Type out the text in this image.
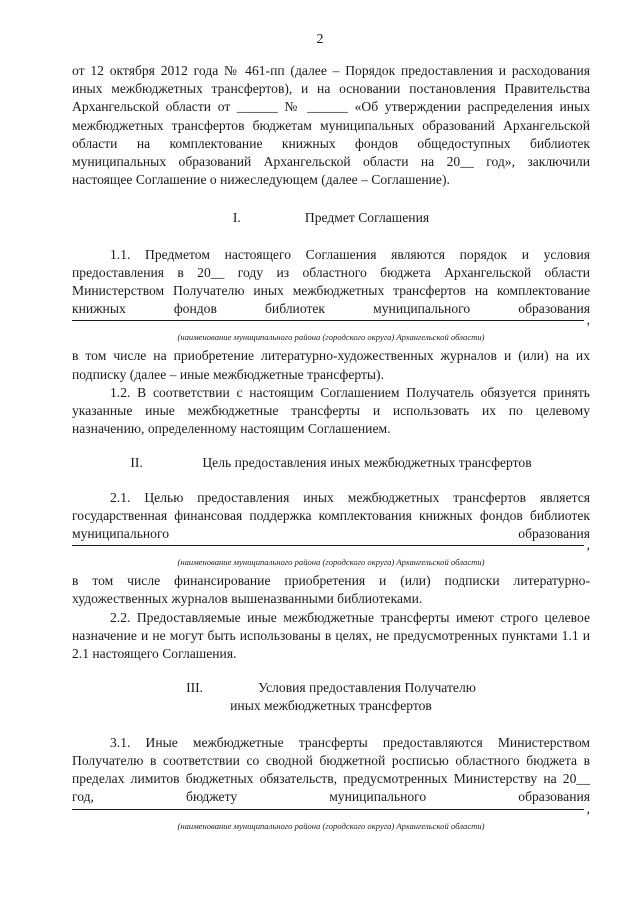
2

от 12 октября 2012 года № 461-пп (далее – Порядок предоставления и расходования иных межбюджетных трансфертов), и на основании постановления Правительства Архангельской области от ______ № ______ «Об утверждении распределения иных межбюджетных трансфертов бюджетам муниципальных образований Архангельской области на комплектование книжных фондов общедоступных библиотек муниципальных образований Архангельской области на 20__ год», заключили настоящее Соглашение о нижеследующем (далее – Соглашение).

I.	Предмет Соглашения

1.1. Предметом настоящего Соглашения являются порядок и условия предоставления в 20__ году из областного бюджета Архангельской области Министерством Получателю иных межбюджетных трансфертов на комплектование книжных фондов библиотек муниципального образования

,
(наименование муниципального района (городского округа) Архангельской области)

в том числе на приобретение литературно-художественных журналов и (или) на их подписку (далее – иные межбюджетные трансферты).

1.2. В соответствии с настоящим Соглашением Получатель обязуется принять указанные иные межбюджетные трансферты и использовать их по целевому назначению, определенному настоящим Соглашением.

II.	Цель предоставления иных межбюджетных трансфертов

2.1. Целью предоставления иных межбюджетных трансфертов является государственная финансовая поддержка комплектования книжных фондов библиотек муниципального образования

,
(наименование муниципального района (городского округа) Архангельской области)

в том числе финансирование приобретения и (или) подписки литературно-художественных журналов вышеназванными библиотеками.

2.2. Предоставляемые иные межбюджетные трансферты имеют строго целевое назначение и не могут быть использованы в целях, не предусмотренных пунктами 1.1 и 2.1 настоящего Соглашения.

III.	Условия предоставления Получателю
иных межбюджетных трансфертов

3.1. Иные межбюджетные трансферты предоставляются Министерством Получателю в соответствии со сводной бюджетной росписью областного бюджета в пределах лимитов бюджетных обязательств, предусмотренных Министерству на 20__ год, бюджету муниципального образования

,
(наименование муниципального района (городского округа) Архангельской области)
